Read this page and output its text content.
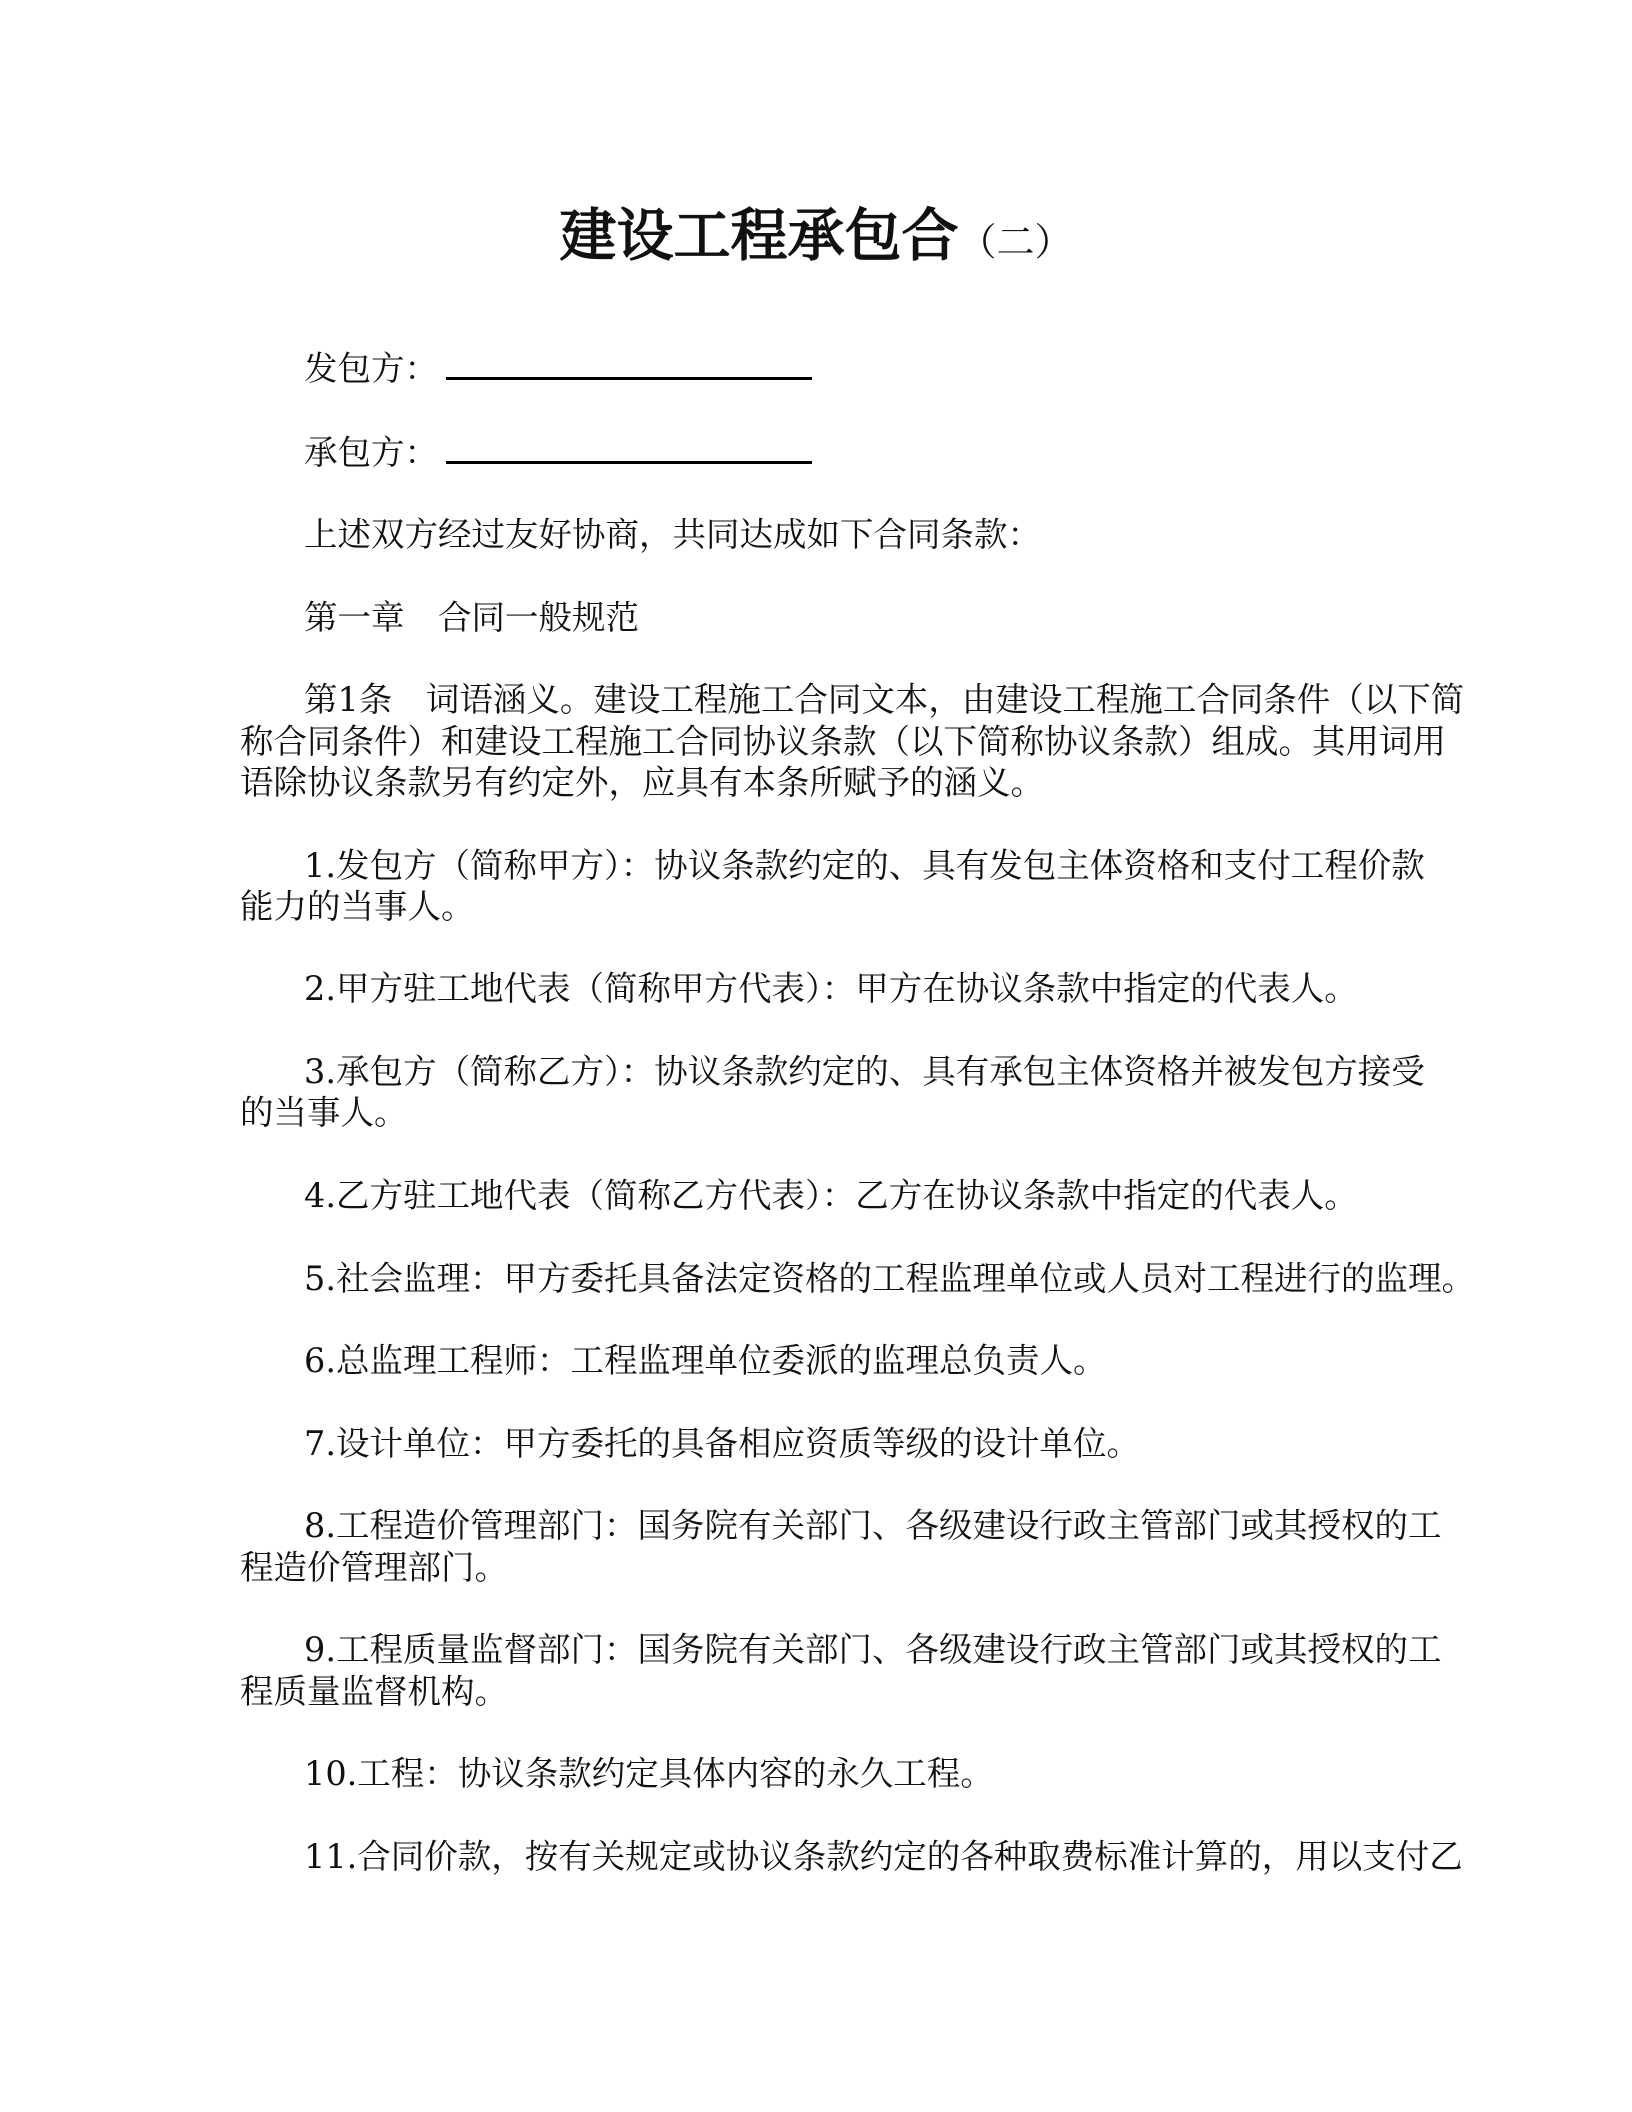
建设工程承包合（二）
发包方：
承包方：
上述双方经过友好协商，共同达成如下合同条款：
第一章　合同一般规范
第1条　词语涵义。建设工程施工合同文本，由建设工程施工合同条件（以下简
称合同条件）和建设工程施工合同协议条款（以下简称协议条款）组成。其用词用
语除协议条款另有约定外，应具有本条所赋予的涵义。
1.发包方（简称甲方）：协议条款约定的、具有发包主体资格和支付工程价款
能力的当事人。
2.甲方驻工地代表（简称甲方代表）：甲方在协议条款中指定的代表人。
3.承包方（简称乙方）：协议条款约定的、具有承包主体资格并被发包方接受
的当事人。
4.乙方驻工地代表（简称乙方代表）：乙方在协议条款中指定的代表人。
5.社会监理：甲方委托具备法定资格的工程监理单位或人员对工程进行的监理。
6.总监理工程师：工程监理单位委派的监理总负责人。
7.设计单位：甲方委托的具备相应资质等级的设计单位。
8.工程造价管理部门：国务院有关部门、各级建设行政主管部门或其授权的工
程造价管理部门。
9.工程质量监督部门：国务院有关部门、各级建设行政主管部门或其授权的工
程质量监督机构。
10.工程：协议条款约定具体内容的永久工程。
11.合同价款，按有关规定或协议条款约定的各种取费标准计算的，用以支付乙
